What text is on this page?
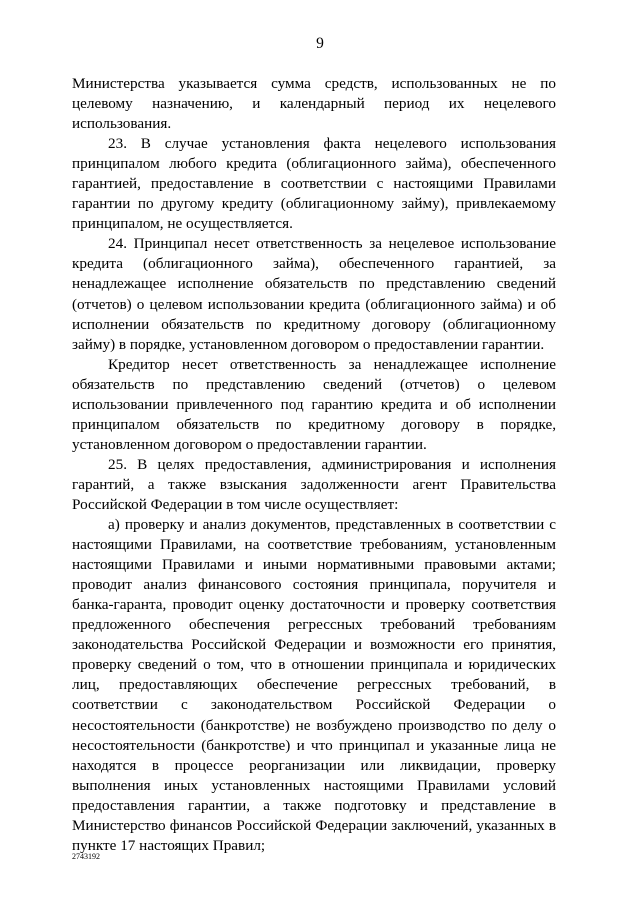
9

Министерства указывается сумма средств, использованных не по целевому назначению, и календарный период их нецелевого использования.

23. В случае установления факта нецелевого использования принципалом любого кредита (облигационного займа), обеспеченного гарантией, предоставление в соответствии с настоящими Правилами гарантии по другому кредиту (облигационному займу), привлекаемому принципалом, не осуществляется.

24. Принципал несет ответственность за нецелевое использование кредита (облигационного займа), обеспеченного гарантией, за ненадлежащее исполнение обязательств по представлению сведений (отчетов) о целевом использовании кредита (облигационного займа) и об исполнении обязательств по кредитному договору (облигационному займу) в порядке, установленном договором о предоставлении гарантии.

Кредитор несет ответственность за ненадлежащее исполнение обязательств по представлению сведений (отчетов) о целевом использовании привлеченного под гарантию кредита и об исполнении принципалом обязательств по кредитному договору в порядке, установленном договором о предоставлении гарантии.

25. В целях предоставления, администрирования и исполнения гарантий, а также взыскания задолженности агент Правительства Российской Федерации в том числе осуществляет:

а) проверку и анализ документов, представленных в соответствии с настоящими Правилами, на соответствие требованиям, установленным настоящими Правилами и иными нормативными правовыми актами; проводит анализ финансового состояния принципала, поручителя и банка-гаранта, проводит оценку достаточности и проверку соответствия предложенного обеспечения регрессных требований требованиям законодательства Российской Федерации и возможности его принятия, проверку сведений о том, что в отношении принципала и юридических лиц, предоставляющих обеспечение регрессных требований, в соответствии с законодательством Российской Федерации о несостоятельности (банкротстве) не возбуждено производство по делу о несостоятельности (банкротстве) и что принципал и указанные лица не находятся в процессе реорганизации или ликвидации, проверку выполнения иных установленных настоящими Правилами условий предоставления гарантии, а также подготовку и представление в Министерство финансов Российской Федерации заключений, указанных в пункте 17 настоящих Правил;

2743192
